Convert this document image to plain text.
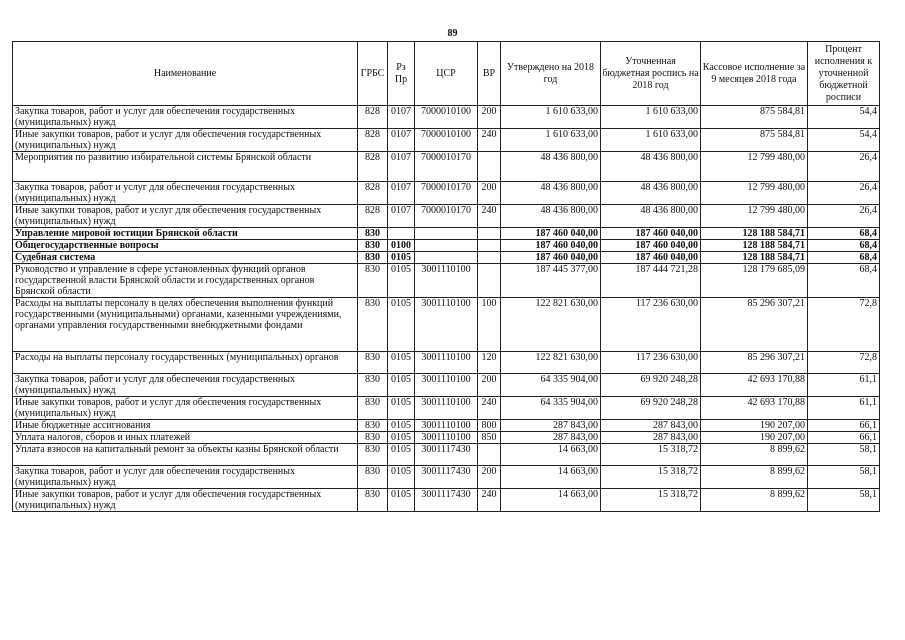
89
Наименование	ГРБС	Рз Пр	ЦСР	ВР	Утверждено на 2018 год	Уточненная бюджетная роспись на 2018 год	Кассовое исполнение за 9 месяцев 2018 года	Процент исполнения к уточненной бюджетной росписи
Закупка товаров, работ и услуг для обеспечения государственных (муниципальных) нужд	828	0107	7000010100	200	1 610 633,00	1 610 633,00	875 584,81	54,4
Иные закупки товаров, работ и услуг для обеспечения государственных (муниципальных) нужд	828	0107	7000010100	240	1 610 633,00	1 610 633,00	875 584,81	54,4
Мероприятия по развитию избирательной системы Брянской области	828	0107	7000010170		48 436 800,00	48 436 800,00	12 799 480,00	26,4
Закупка товаров, работ и услуг для обеспечения государственных (муниципальных) нужд	828	0107	7000010170	200	48 436 800,00	48 436 800,00	12 799 480,00	26,4
Иные закупки товаров, работ и услуг для обеспечения государственных (муниципальных) нужд	828	0107	7000010170	240	48 436 800,00	48 436 800,00	12 799 480,00	26,4
Управление мировой юстиции Брянской области	830				187 460 040,00	187 460 040,00	128 188 584,71	68,4
Общегосударственные вопросы	830	0100			187 460 040,00	187 460 040,00	128 188 584,71	68,4
Судебная система	830	0105			187 460 040,00	187 460 040,00	128 188 584,71	68,4
Руководство и управление в сфере установленных функций органов государственной власти Брянской области и государственных органов Брянской области	830	0105	3001110100		187 445 377,00	187 444 721,28	128 179 685,09	68,4
Расходы на выплаты персоналу в целях обеспечения выполнения функций государственными (муниципальными) органами, казенными учреждениями, органами управления государственными внебюджетными фондами	830	0105	3001110100	100	122 821 630,00	117 236 630,00	85 296 307,21	72,8
Расходы на выплаты персоналу государственных (муниципальных) органов	830	0105	3001110100	120	122 821 630,00	117 236 630,00	85 296 307,21	72,8
Закупка товаров, работ и услуг для обеспечения государственных (муниципальных) нужд	830	0105	3001110100	200	64 335 904,00	69 920 248,28	42 693 170,88	61,1
Иные закупки товаров, работ и услуг для обеспечения государственных (муниципальных) нужд	830	0105	3001110100	240	64 335 904,00	69 920 248,28	42 693 170,88	61,1
Иные бюджетные ассигнования	830	0105	3001110100	800	287 843,00	287 843,00	190 207,00	66,1
Уплата налогов, сборов и иных платежей	830	0105	3001110100	850	287 843,00	287 843,00	190 207,00	66,1
Уплата взносов на капитальный ремонт за объекты казны Брянской области	830	0105	3001117430		14 663,00	15 318,72	8 899,62	58,1
Закупка товаров, работ и услуг для обеспечения государственных (муниципальных) нужд	830	0105	3001117430	200	14 663,00	15 318,72	8 899,62	58,1
Иные закупки товаров, работ и услуг для обеспечения государственных (муниципальных) нужд	830	0105	3001117430	240	14 663,00	15 318,72	8 899,62	58,1
